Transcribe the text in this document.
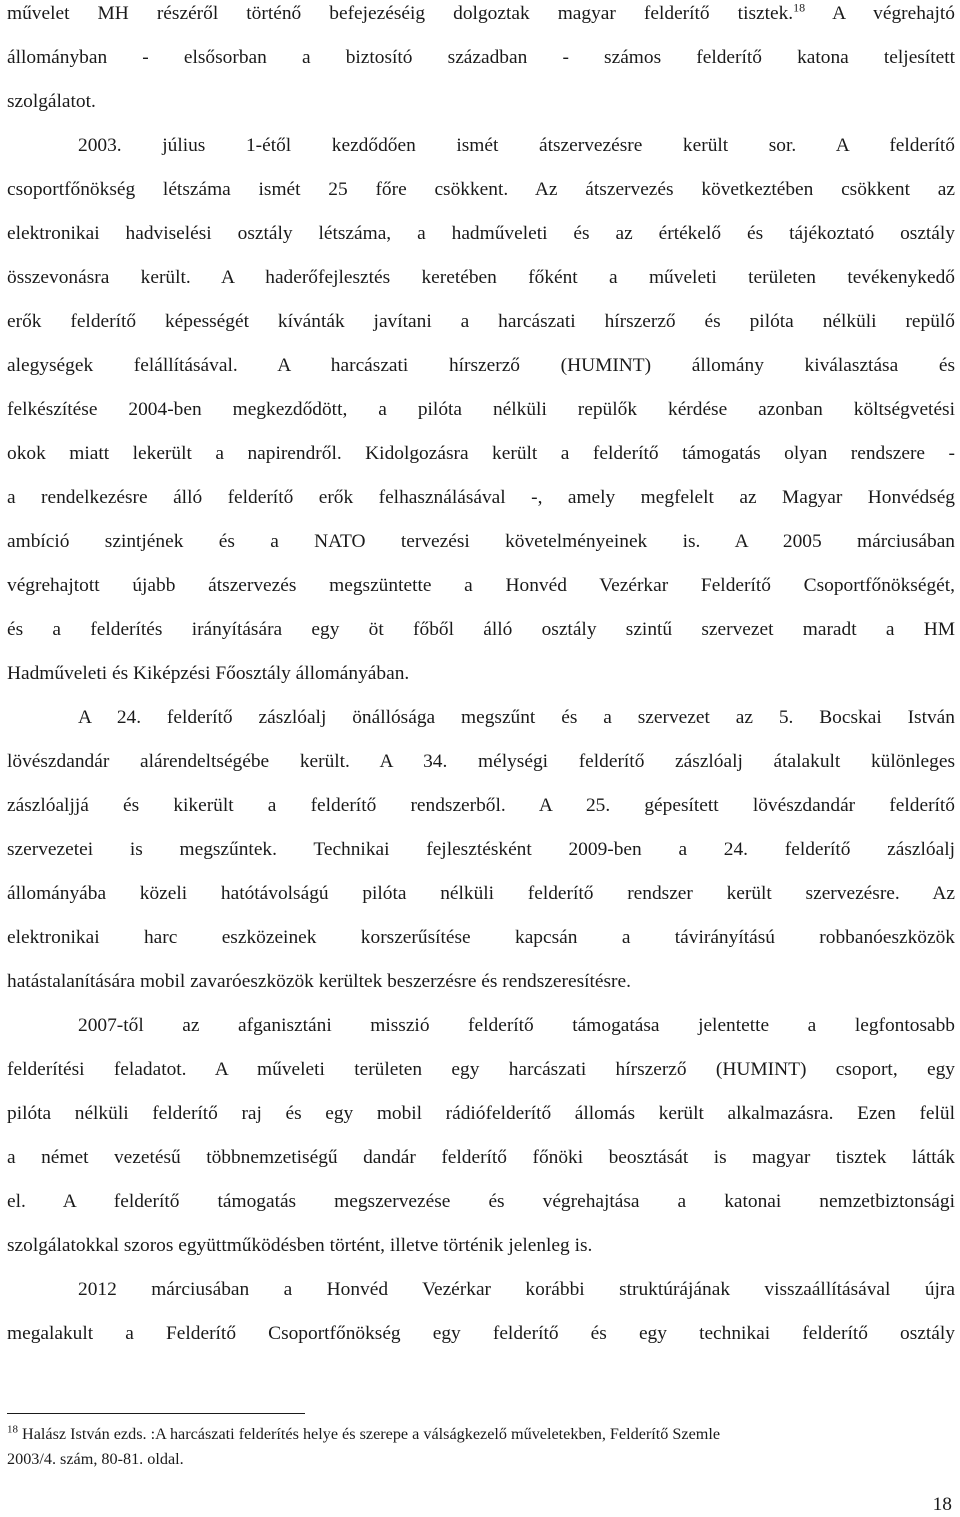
művelet MH részéről történő befejezéséig dolgoztak magyar felderítő tisztek.$^{18}$ A végrehajtó

állományban - elsősorban a biztosító században - számos felderítő katona teljesített

szolgálatot.

2003. július 1-étől kezdődően ismét átszervezésre került sor. A felderítő

csoportfőnökség létszáma ismét 25 főre csökkent. Az átszervezés következtében csökkent az

elektronikai hadviselési osztály létszáma, a hadműveleti és az értékelő és tájékoztató osztály

összevonásra került. A haderőfejlesztés keretében főként a műveleti területen tevékenykedő

erők felderítő képességét kívánták javítani a harcászati hírszerző és pilóta nélküli repülő

alegységek felállításával. A harcászati hírszerző (HUMINT) állomány kiválasztása és

felkészítése 2004-ben megkezdődött, a pilóta nélküli repülők kérdése azonban költségvetési

okok miatt lekerült a napirendről. Kidolgozásra került a felderítő támogatás olyan rendszere -

a rendelkezésre álló felderítő erők felhasználásával -, amely megfelelt az Magyar Honvédség

ambíció szintjének és a NATO tervezési követelményeinek is. A 2005 márciusában

végrehajtott újabb átszervezés megszüntette a Honvéd Vezérkar Felderítő Csoportfőnökségét,

és a felderítés irányítására egy öt főből álló osztály szintű szervezet maradt a HM

Hadműveleti és Kiképzési Főosztály állományában.

A 24. felderítő zászlóalj önállósága megszűnt és a szervezet az 5. Bocskai István

lövészdandár alárendeltségébe került. A 34. mélységi felderítő zászlóalj átalakult különleges

zászlóaljjá és kikerült a felderítő rendszerből. A 25. gépesített lövészdandár felderítő

szervezetei is megszűntek. Technikai fejlesztésként 2009-ben a 24. felderítő zászlóalj

állományába közeli hatótávolságú pilóta nélküli felderítő rendszer került szervezésre. Az

elektronikai harc eszközeinek korszerűsítése kapcsán a távirányítású robbanóeszközök

hatástalanítására mobil zavaróeszközök kerültek beszerzésre és rendszeresítésre.

2007-től az afganisztáni misszió felderítő támogatása jelentette a legfontosabb

felderítési feladatot. A műveleti területen egy harcászati hírszerző (HUMINT) csoport, egy

pilóta nélküli felderítő raj és egy mobil rádiófelderítő állomás került alkalmazásra. Ezen felül

a német vezetésű többnemzetiségű dandár felderítő főnöki beosztását is magyar tisztek látták

el. A felderítő támogatás megszervezése és végrehajtása a katonai nemzetbiztonsági

szolgálatokkal szoros együttműködésben történt, illetve történik jelenleg is.

2012 márciusában a Honvéd Vezérkar korábbi struktúrájának visszaállításával újra

megalakult a Felderítő Csoportfőnökség egy felderítő és egy technikai felderítő osztály

$^{18}$ Halász István ezds. :A harcászati felderítés helye és szerepe a válságkezelő műveletekben, Felderítő Szemle

2003/4. szám, 80-81. oldal.

18
